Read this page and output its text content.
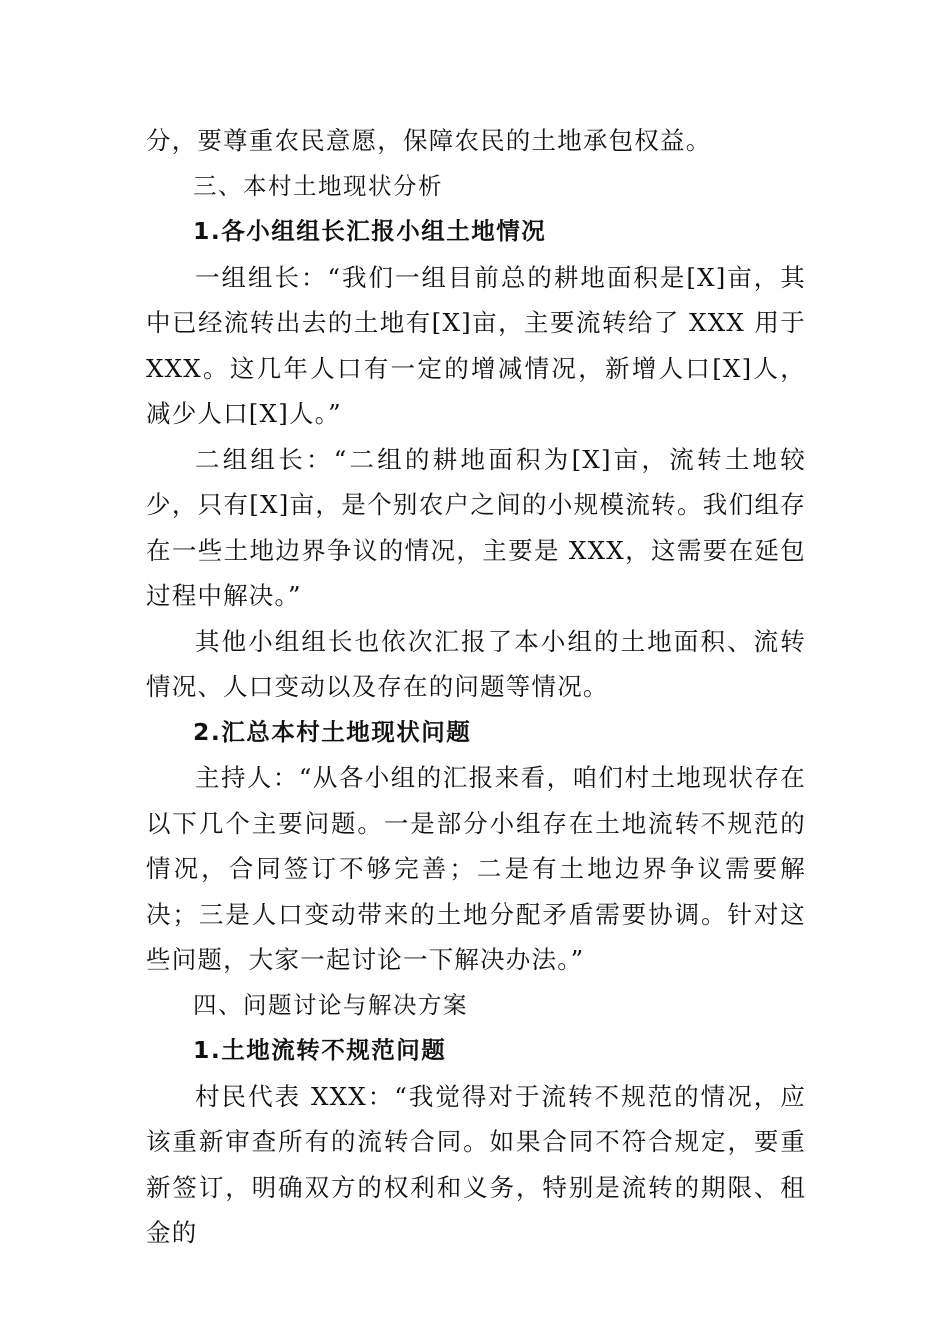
分，要尊重农民意愿，保障农民的土地承包权益。

三、本村土地现状分析

1.各小组组长汇报小组土地情况

一组组长：“我们一组目前总的耕地面积是[X]亩，其中已经流转出去的土地有[X]亩，主要流转给了 XXX 用于 XXX。这几年人口有一定的增减情况，新增人口[X]人，减少人口[X]人。”

二组组长：“二组的耕地面积为[X]亩，流转土地较少，只有[X]亩，是个别农户之间的小规模流转。我们组存在一些土地边界争议的情况，主要是 XXX，这需要在延包过程中解决。”

其他小组组长也依次汇报了本小组的土地面积、流转情况、人口变动以及存在的问题等情况。

2.汇总本村土地现状问题

主持人：“从各小组的汇报来看，咱们村土地现状存在以下几个主要问题。一是部分小组存在土地流转不规范的情况，合同签订不够完善；二是有土地边界争议需要解决；三是人口变动带来的土地分配矛盾需要协调。针对这些问题，大家一起讨论一下解决办法。”

四、问题讨论与解决方案

1.土地流转不规范问题

村民代表 XXX：“我觉得对于流转不规范的情况，应该重新审查所有的流转合同。如果合同不符合规定，要重新签订，明确双方的权利和义务，特别是流转的期限、租金的
